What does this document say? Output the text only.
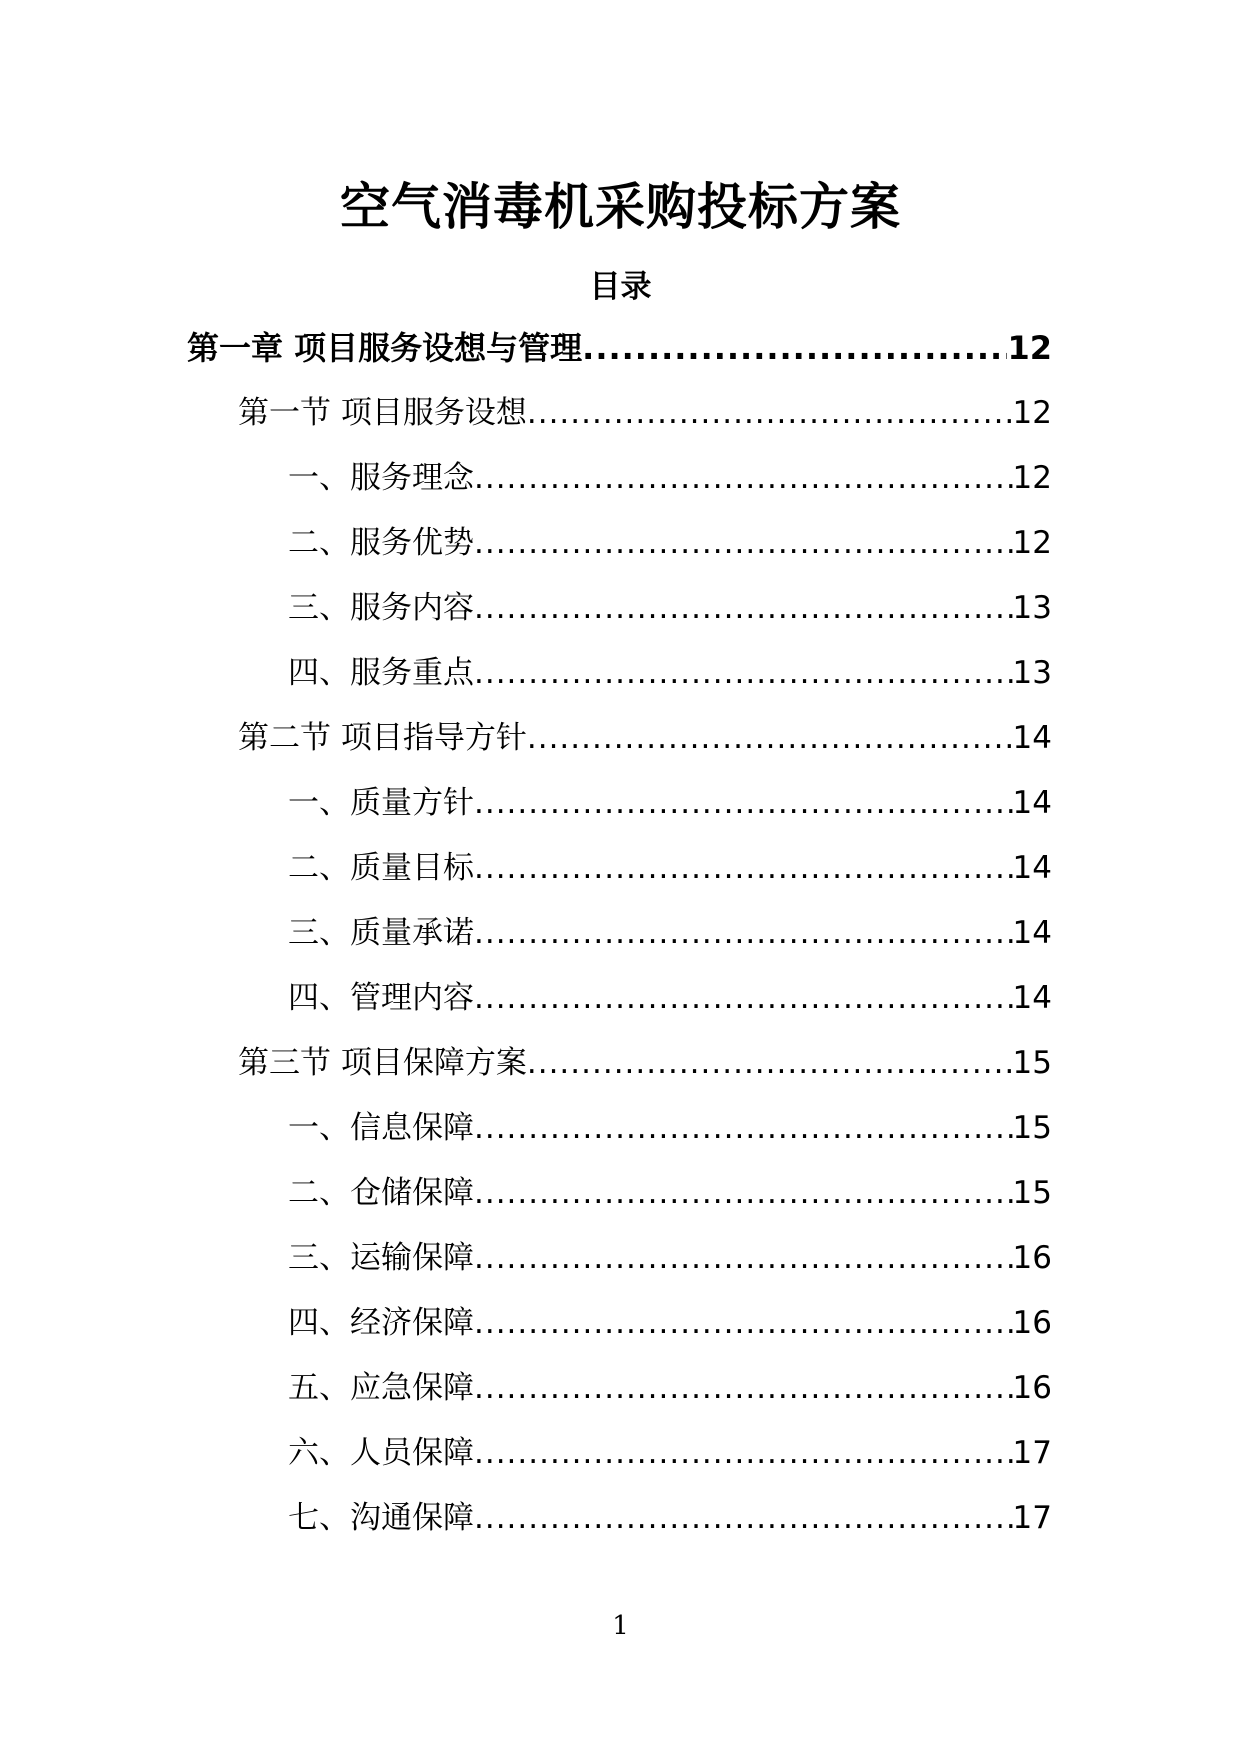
空气消毒机采购投标方案
目录
第一章 项目服务设想与管理 .....	12
第一节 项目服务设想 .....	12
一、服务理念 .....	12
二、服务优势 .....	12
三、服务内容 .....	13
四、服务重点 .....	13
第二节 项目指导方针 .....	14
一、质量方针 .....	14
二、质量目标 .....	14
三、质量承诺 .....	14
四、管理内容 .....	14
第三节 项目保障方案 .....	15
一、信息保障 .....	15
二、仓储保障 .....	15
三、运输保障 .....	16
四、经济保障 .....	16
五、应急保障 .....	16
六、人员保障 .....	17
七、沟通保障 .....	17
1
